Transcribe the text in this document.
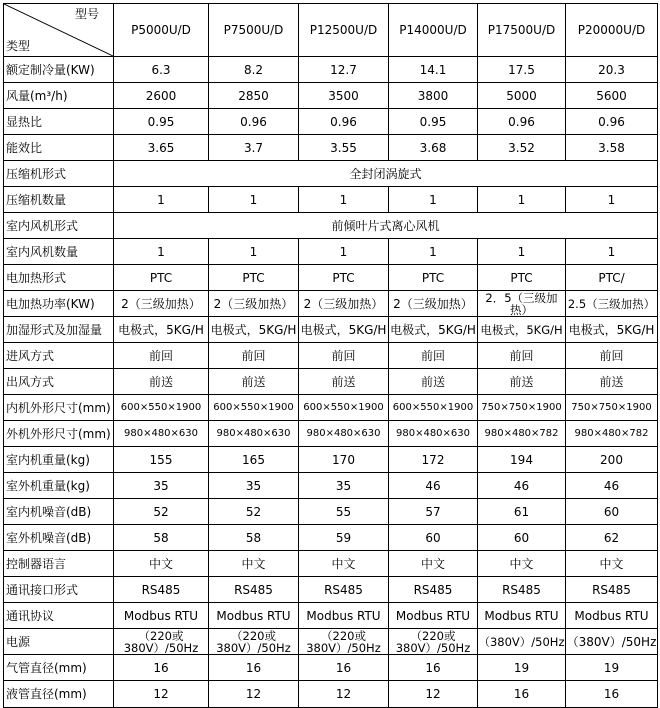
型号
类型	P5000U/D	P7500U/D	P12500U/D	P14000U/D	P17500U/D	P20000U/D
额定制冷量(KW)	6.3	8.2	12.7	14.1	17.5	20.3
风量(m³/h)	2600	2850	3500	3800	5000	5600
显热比	0.95	0.96	0.96	0.95	0.96	0.96
能效比	3.65	3.7	3.55	3.68	3.52	3.58
压缩机形式	全封闭涡旋式					
压缩机数量	1	1	1	1	1	1
室内风机形式	前倾叶片式离心风机					
室内风机数量	1	1	1	1	1	1
电加热形式	PTC	PTC	PTC	PTC	PTC	PTC/
电加热功率(KW)	2（三级加热）	2（三级加热）	2（三级加热）	2（三级加热）	2．5（三级加热）	2.5（三级加热）
加湿形式及加湿量	电极式，5KG/H	电极式，5KG/H	电极式，5KG/H	电极式，5KG/H	电极式，5KG/H	电极式，5KG/H
进风方式	前回	前回	前回	前回	前回	前回
出风方式	前送	前送	前送	前送	前送	前送
内机外形尺寸(mm)	600×550×1900	600×550×1900	600×550×1900	600×550×1900	750×750×1900	750×750×1900
外机外形尺寸(mm)	980×480×630	980×480×630	980×480×630	980×480×630	980×480×782	980×480×782
室内机重量(kg)	155	165	170	172	194	200
室外机重量(kg)	35	35	35	46	46	46
室内机噪音(dB)	52	52	55	57	61	60
室外机噪音(dB)	58	58	59	60	60	62
控制器语言	中文	中文	中文	中文	中文	中文
通讯接口形式	RS485	RS485	RS485	RS485	RS485	RS485
通讯协议	Modbus RTU	Modbus RTU	Modbus RTU	Modbus RTU	Modbus RTU	Modbus RTU
电源	（220或380V）/50Hz	（220或380V）/50Hz	（220或380V）/50Hz	（220或380V）/50Hz	（380V）/50Hz	（380V）/50Hz
气管直径(mm)	16	16	16	16	19	19
液管直径(mm)	12	12	12	12	16	16
